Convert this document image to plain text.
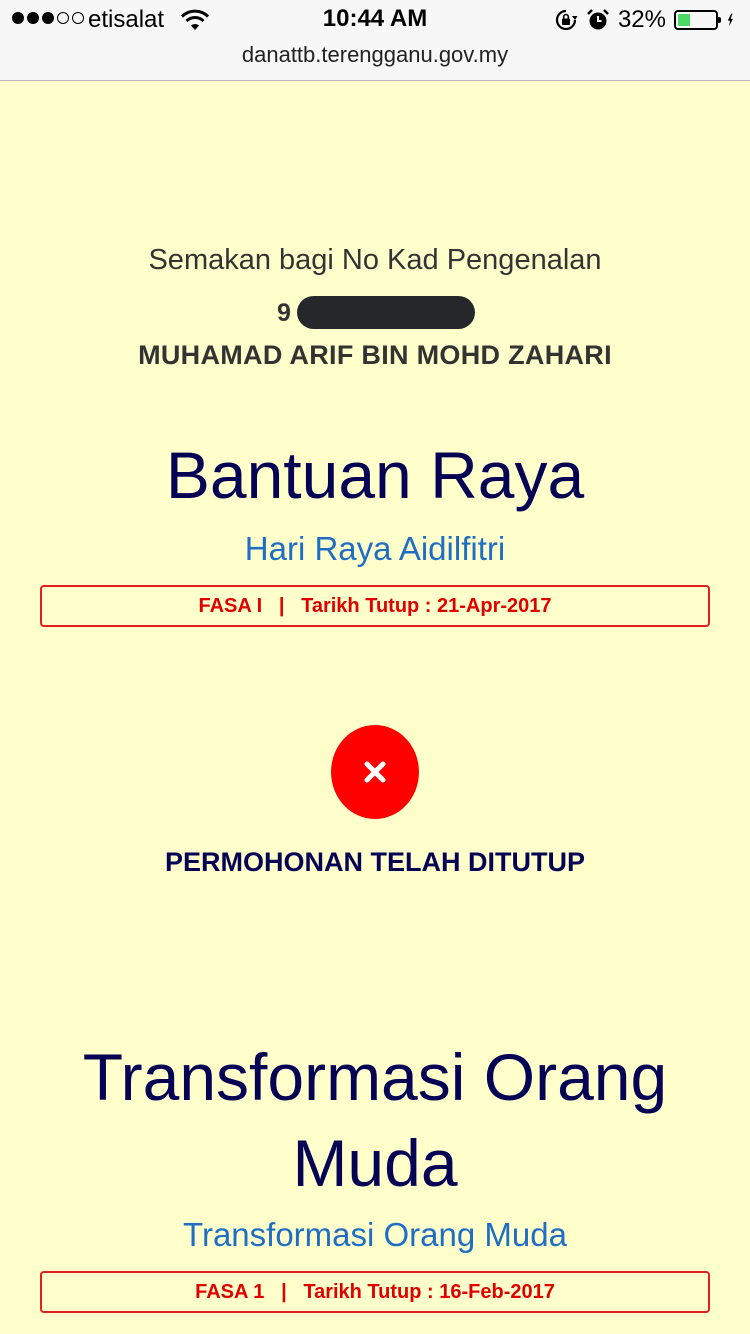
etisalat	10:44 AM	32%
danattb.terengganu.gov.my
Semakan bagi No Kad Pengenalan
9
MUHAMAD ARIF BIN MOHD ZAHARI
Bantuan Raya
Hari Raya Aidilfitri
FASA I   |   Tarikh Tutup : 21-Apr-2017
PERMOHONAN TELAH DITUTUP
Transformasi Orang
Muda
Transformasi Orang Muda
FASA 1   |   Tarikh Tutup : 16-Feb-2017
